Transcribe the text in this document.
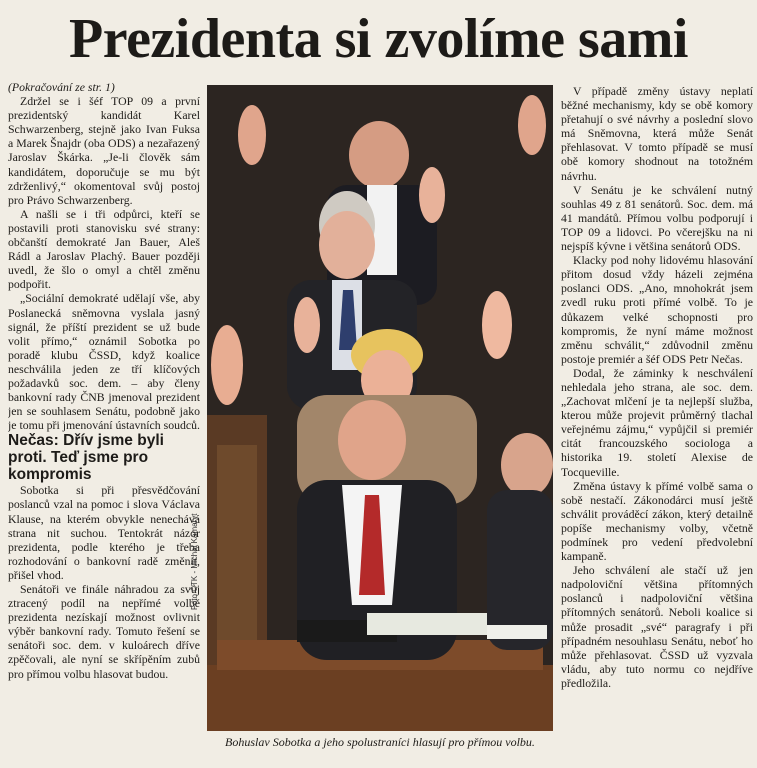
Prezidenta si zvolíme sami

(Pokračování ze str. 1)

Zdržel se i šéf TOP 09 a první prezidentský kandidát Karel Schwarzenberg, stejně jako Ivan Fuksa a Marek Šnajdr (oba ODS) a nezařazený Jaroslav Škárka. „Je-li člověk sám kandidátem, doporučuje se mu být zdrženlivý,“ okomentoval svůj postoj pro Právo Schwarzenberg.

A našli se i tři odpůrci, kteří se postavili proti stanovisku své strany: občanští demokraté Jan Bauer, Aleš Rádl a Jaroslav Plachý. Bauer později uvedl, že šlo o omyl a chtěl změnu podpořit.

„Sociální demokraté udělají vše, aby Poslanecká sněmovna vyslala jasný signál, že příští prezident se už bude volit přímo,“ oznámil Sobotka po poradě klubu ČSSD, když koalice neschválila jeden ze tří klíčových požadavků soc. dem. – aby členy bankovní rady ČNB jmenoval prezident jen se souhlasem Senátu, podobně jako je tomu při jmenování ústavních soudců.

Nečas: Dřív jsme byli proti. Teď jsme pro kompromis

Sobotka si při přesvědčování poslanců vzal na pomoc i slova Václava Klause, na kterém obvykle nenechává strana nit suchou. Tentokrát názor prezidenta, podle kterého je třeba rozhodování o bankovní radě změnit, přišel vhod.

Senátoři ve finále náhradou za svůj ztracený podíl na nepřímé volbě prezidenta nezískají možnost ovlivnit výběr bankovní rady. Tomuto řešení se senátoři soc. dem. v kuloárech dříve zpěčovali, ale nyní se skřípěním zubů pro přímou volbu hlasovat budou.

Foto ČTK - Michal Kamaryt
Bohuslav Sobotka a jeho spolustraníci hlasují pro přímou volbu.

V případě změny ústavy neplatí běžné mechanismy, kdy se obě komory přetahují o své návrhy a poslední slovo má Sněmovna, která může Senát přehlasovat. V tomto případě se musí obě komory shodnout na totožném návrhu.

V Senátu je ke schválení nutný souhlas 49 z 81 senátorů. Soc. dem. má 41 mandátů. Přímou volbu podporují i TOP 09 a lidovci. Po včerejšku na ni nejspíš kývne i většina senátorů ODS.

Klacky pod nohy lidovému hlasování přitom dosud vždy házeli zejména poslanci ODS. „Ano, mnohokrát jsem zvedl ruku proti přímé volbě. To je důkazem velké schopnosti pro kompromis, že nyní máme možnost změnu schválit,“ zdůvodnil změnu postoje premiér a šéf ODS Petr Nečas.

Dodal, že záminky k neschválení nehledala jeho strana, ale soc. dem. „Zachovat mlčení je ta nejlepší služba, kterou může projevit průměrný tlachal veřejnému zájmu,“ vypůjčil si premiér citát francouzského sociologa a historika 19. století Alexise de Tocqueville.

Změna ústavy k přímé volbě sama o sobě nestačí. Zákonodárci musí ještě schválit prováděcí zákon, který detailně popíše mechanismy volby, včetně podmínek pro vedení předvolební kampaně.

Jeho schválení ale stačí už jen nadpoloviční většina přítomných poslanců i nadpoloviční většina přítomných senátorů. Neboli koalice si může prosadit „své“ paragrafy i při případném nesouhlasu Senátu, neboť ho může přehlasovat. ČSSD už vyzvala vládu, aby tuto normu co nejdříve předložila.
